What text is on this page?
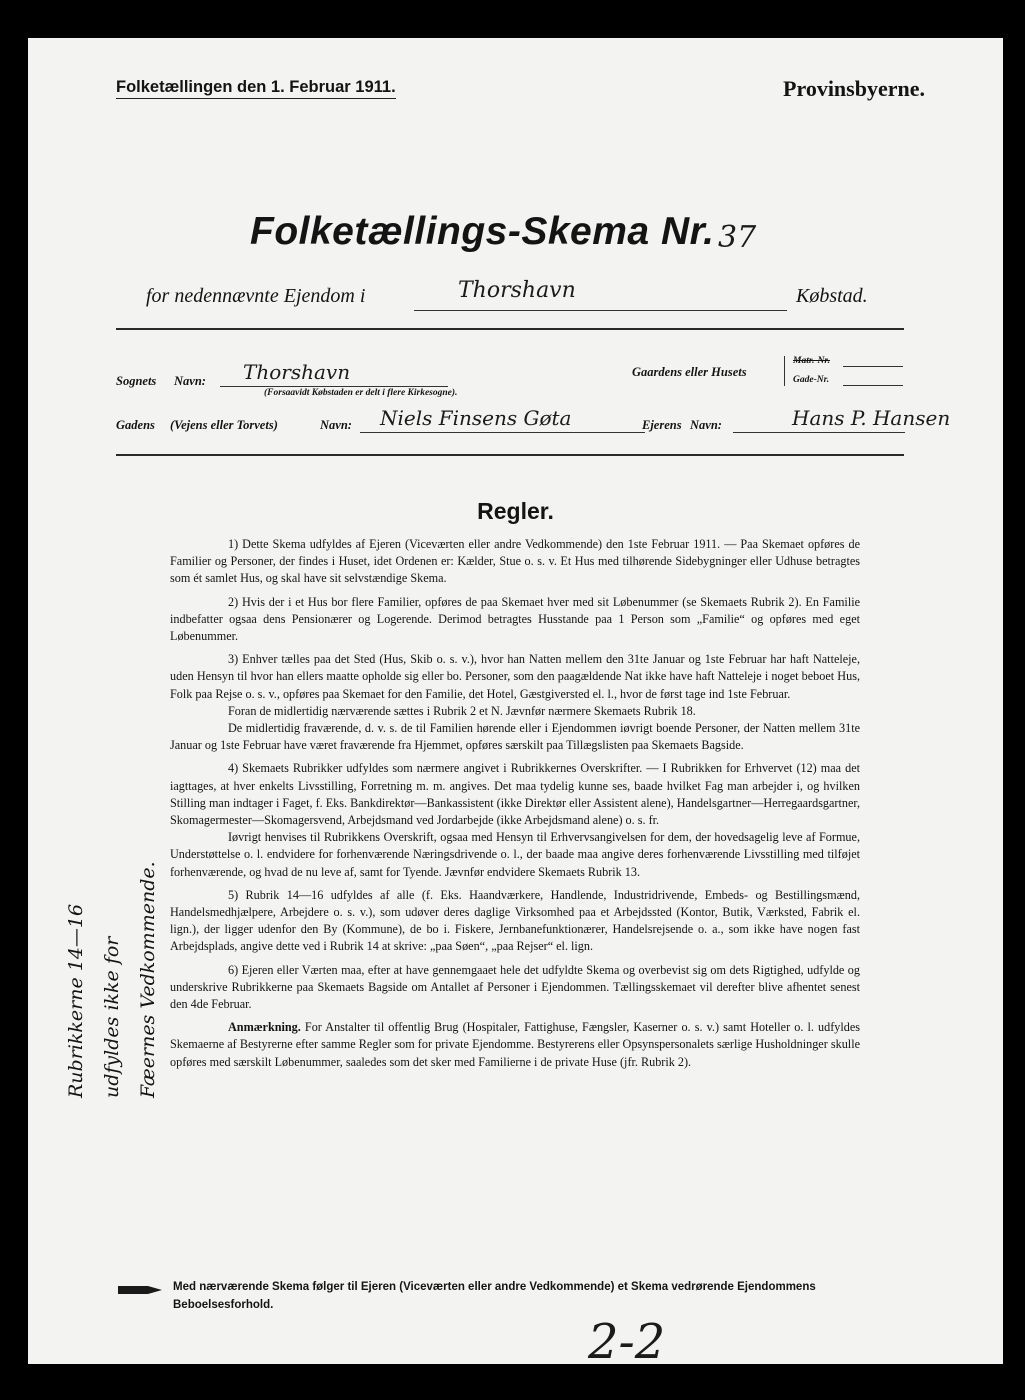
Folketællingen den 1. Februar 1911.	Provinsbyerne.
Folketællings-Skema Nr. 37
for nedennævnte Ejendom i	Thorshavn	Købstad.
Sognets Navn: Thorshavn
(Forsaavidt Købstaden er delt i flere Kirkesogne).
Gaardens eller Husets
Matr.-Nr.
Gade-Nr.
Gadens (Vejens eller Torvets)	Navn: Niels Finsens Gøta	Ejerens Navn:	Hans P. Hansen
Regler.

1) Dette Skema udfyldes af Ejeren (Viceværten eller andre Vedkommende) den 1ste Februar 1911. — Paa Skemaet opføres de Familier og Personer, der findes i Huset, idet Ordenen er: Kælder, Stue o. s. v. Et Hus med tilhørende Sidebygninger eller Udhuse betragtes som ét samlet Hus, og skal have sit selvstændige Skema.

2) Hvis der i et Hus bor flere Familier, opføres de paa Skemaet hver med sit Løbenummer (se Skemaets Rubrik 2). En Familie indbefatter ogsaa dens Pensionærer og Logerende. Derimod betragtes Husstande paa 1 Person som „Familie“ og opføres med eget Løbenummer.

3) Enhver tælles paa det Sted (Hus, Skib o. s. v.), hvor han Natten mellem den 31te Januar og 1ste Februar har haft Natteleje, uden Hensyn til hvor han ellers maatte opholde sig eller bo. Personer, som den paagældende Nat ikke have haft Natteleje i noget beboet Hus, Folk paa Rejse o. s. v., opføres paa Skemaet for den Familie, det Hotel, Gæstgiversted el. l., hvor de først tage ind 1ste Februar.

Foran de midlertidig nærværende sættes i Rubrik 2 et N. Jævnfør nærmere Skemaets Rubrik 18.

De midlertidig fraværende, d. v. s. de til Familien hørende eller i Ejendommen iøvrigt boende Personer, der Natten mellem 31te Januar og 1ste Februar have været fraværende fra Hjemmet, opføres særskilt paa Tillægslisten paa Skemaets Bagside.

4) Skemaets Rubrikker udfyldes som nærmere angivet i Rubrikkernes Overskrifter. — I Rubrikken for Erhvervet (12) maa det iagttages, at hver enkelts Livsstilling, Forretning m. m. angives. Det maa tydelig kunne ses, baade hvilket Fag man arbejder i, og hvilken Stilling man indtager i Faget, f. Eks. Bankdirektør—Bankassistent (ikke Direktør eller Assistent alene), Handelsgartner—Herregaardsgartner, Skomagermester—Skomagersvend, Arbejdsmand ved Jordarbejde (ikke Arbejdsmand alene) o. s. fr.

Iøvrigt henvises til Rubrikkens Overskrift, ogsaa med Hensyn til Erhvervsangivelsen for dem, der hovedsagelig leve af Formue, Understøttelse o. l. endvidere for forhenværende Næringsdrivende o. l., der baade maa angive deres forhenværende Livsstilling med tilføjet forhenværende, og hvad de nu leve af, samt for Tyende. Jævnfør endvidere Skemaets Rubrik 13.

5) Rubrik 14—16 udfyldes af alle (f. Eks. Haandværkere, Handlende, Industridrivende, Embeds- og Bestillingsmænd, Handelsmedhjælpere, Arbejdere o. s. v.), som udøver deres daglige Virksomhed paa et Arbejdssted (Kontor, Butik, Værksted, Fabrik el. lign.), der ligger udenfor den By (Kommune), de bo i. Fiskere, Jernbanefunktionærer, Handelsrejsende o. a., som ikke have nogen fast Arbejdsplads, angive dette ved i Rubrik 14 at skrive: „paa Søen“, „paa Rejser“ el. lign.

6) Ejeren eller Værten maa, efter at have gennemgaaet hele det udfyldte Skema og overbevist sig om dets Rigtighed, udfylde og underskrive Rubrikkerne paa Skemaets Bagside om Antallet af Personer i Ejendommen. Tællingsskemaet vil derefter blive afhentet senest den 4de Februar.

Anmærkning. For Anstalter til offentlig Brug (Hospitaler, Fattighuse, Fængsler, Kaserner o. s. v.) samt Hoteller o. l. udfyldes Skemaerne af Bestyrerne efter samme Regler som for private Ejendomme. Bestyrerens eller Opsynspersonalets særlige Husholdninger skulle opføres med særskilt Løbenummer, saaledes som det sker med Familierne i de private Huse (jfr. Rubrik 2).

Rubrikkerne 14—16 udfyldes ikke for Fæernes Vedkommende.
Med nærværende Skema følger til Ejeren (Viceværten eller andre Vedkommende) et Skema vedrørende Ejendommens Beboelsesforhold.
2-2
